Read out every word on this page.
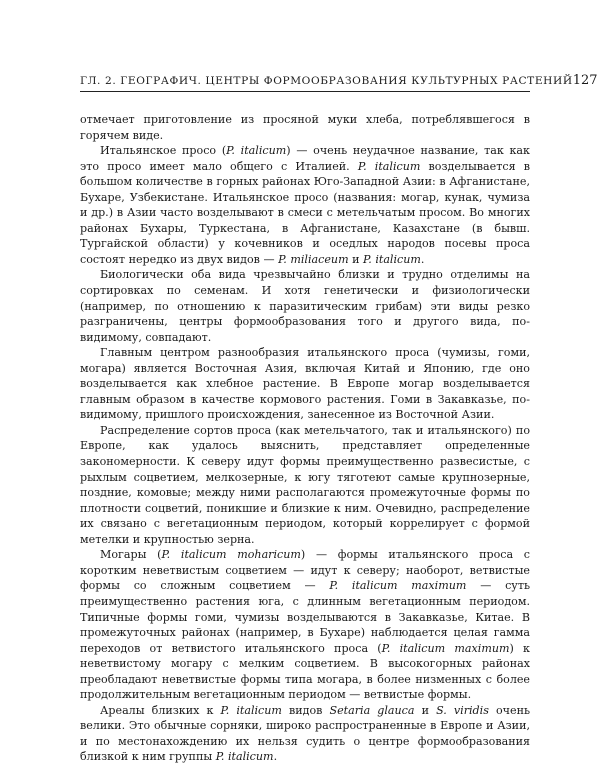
ГЛ. 2. ГЕОГРАФИЧ. ЦЕНТРЫ ФОРМООБРАЗОВАНИЯ КУЛЬТУРНЫХ РАСТЕНИЙ 127

отмечает приготовление из просяной муки хлеба, потреблявшегося в горячем виде.

Итальянское просо (P. italicum) — очень неудачное название, так как это просо имеет мало общего с Италией. P. italicum возделывается в большом количестве в горных районах Юго-Западной Азии: в Афганистане, Бухаре, Узбекистане. Итальянское просо (названия: могар, кунак, чумиза и др.) в Азии часто возделывают в смеси с метельчатым просом. Во многих районах Бухары, Туркестана, в Афганистане, Казахстане (в бывш. Тургайской области) у кочевников и оседлых народов посевы проса состоят нередко из двух видов — P. miliaceum и P. italicum.

Биологически оба вида чрезвычайно близки и трудно отделимы на сортировках по семенам. И хотя генетически и физиологически (например, по отношению к паразитическим грибам) эти виды резко разграничены, центры формообразования того и другого вида, по-видимому, совпадают.

Главным центром разнообразия итальянского проса (чумизы, гоми, могара) является Восточная Азия, включая Китай и Японию, где оно возделывается как хлебное растение. В Европе могар возделывается главным образом в качестве кормового растения. Гоми в Закавказье, по-видимому, пришлого происхождения, занесенное из Восточной Азии.

Распределение сортов проса (как метельчатого, так и итальянского) по Европе, как удалось выяснить, представляет определенные закономерности. К северу идут формы преимущественно развесистые, с рыхлым соцветием, мелкозерные, к югу тяготеют самые крупнозерные, поздние, комовые; между ними располагаются промежуточные формы по плотности соцветий, поникшие и близкие к ним. Очевидно, распределение их связано с вегетационным периодом, который коррелирует с формой метелки и крупностью зерна.

Могары (P. italicum moharicum) — формы итальянского проса с коротким неветвистым соцветием — идут к северу; наоборот, ветвистые формы со сложным соцветием — P. italicum maximum — суть преимущественно растения юга, с длинным вегетационным периодом. Типичные формы гоми, чумизы возделываются в Закавказье, Китае. В промежуточных районах (например, в Бухаре) наблюдается целая гамма переходов от ветвистого итальянского проса (P. italicum maximum) к неветвистому могару с мелким соцветием. В высокогорных районах преобладают неветвистые формы типа могара, в более низменных с более продолжительным вегетационным периодом — ветвистые формы.

Ареалы близких к P. italicum видов Setaria glauca и S. viridis очень велики. Это обычные сорняки, широко распространенные в Европе и Азии, и по местонахождению их нельзя судить о центре формообразования близкой к ним группы P. italicum.
